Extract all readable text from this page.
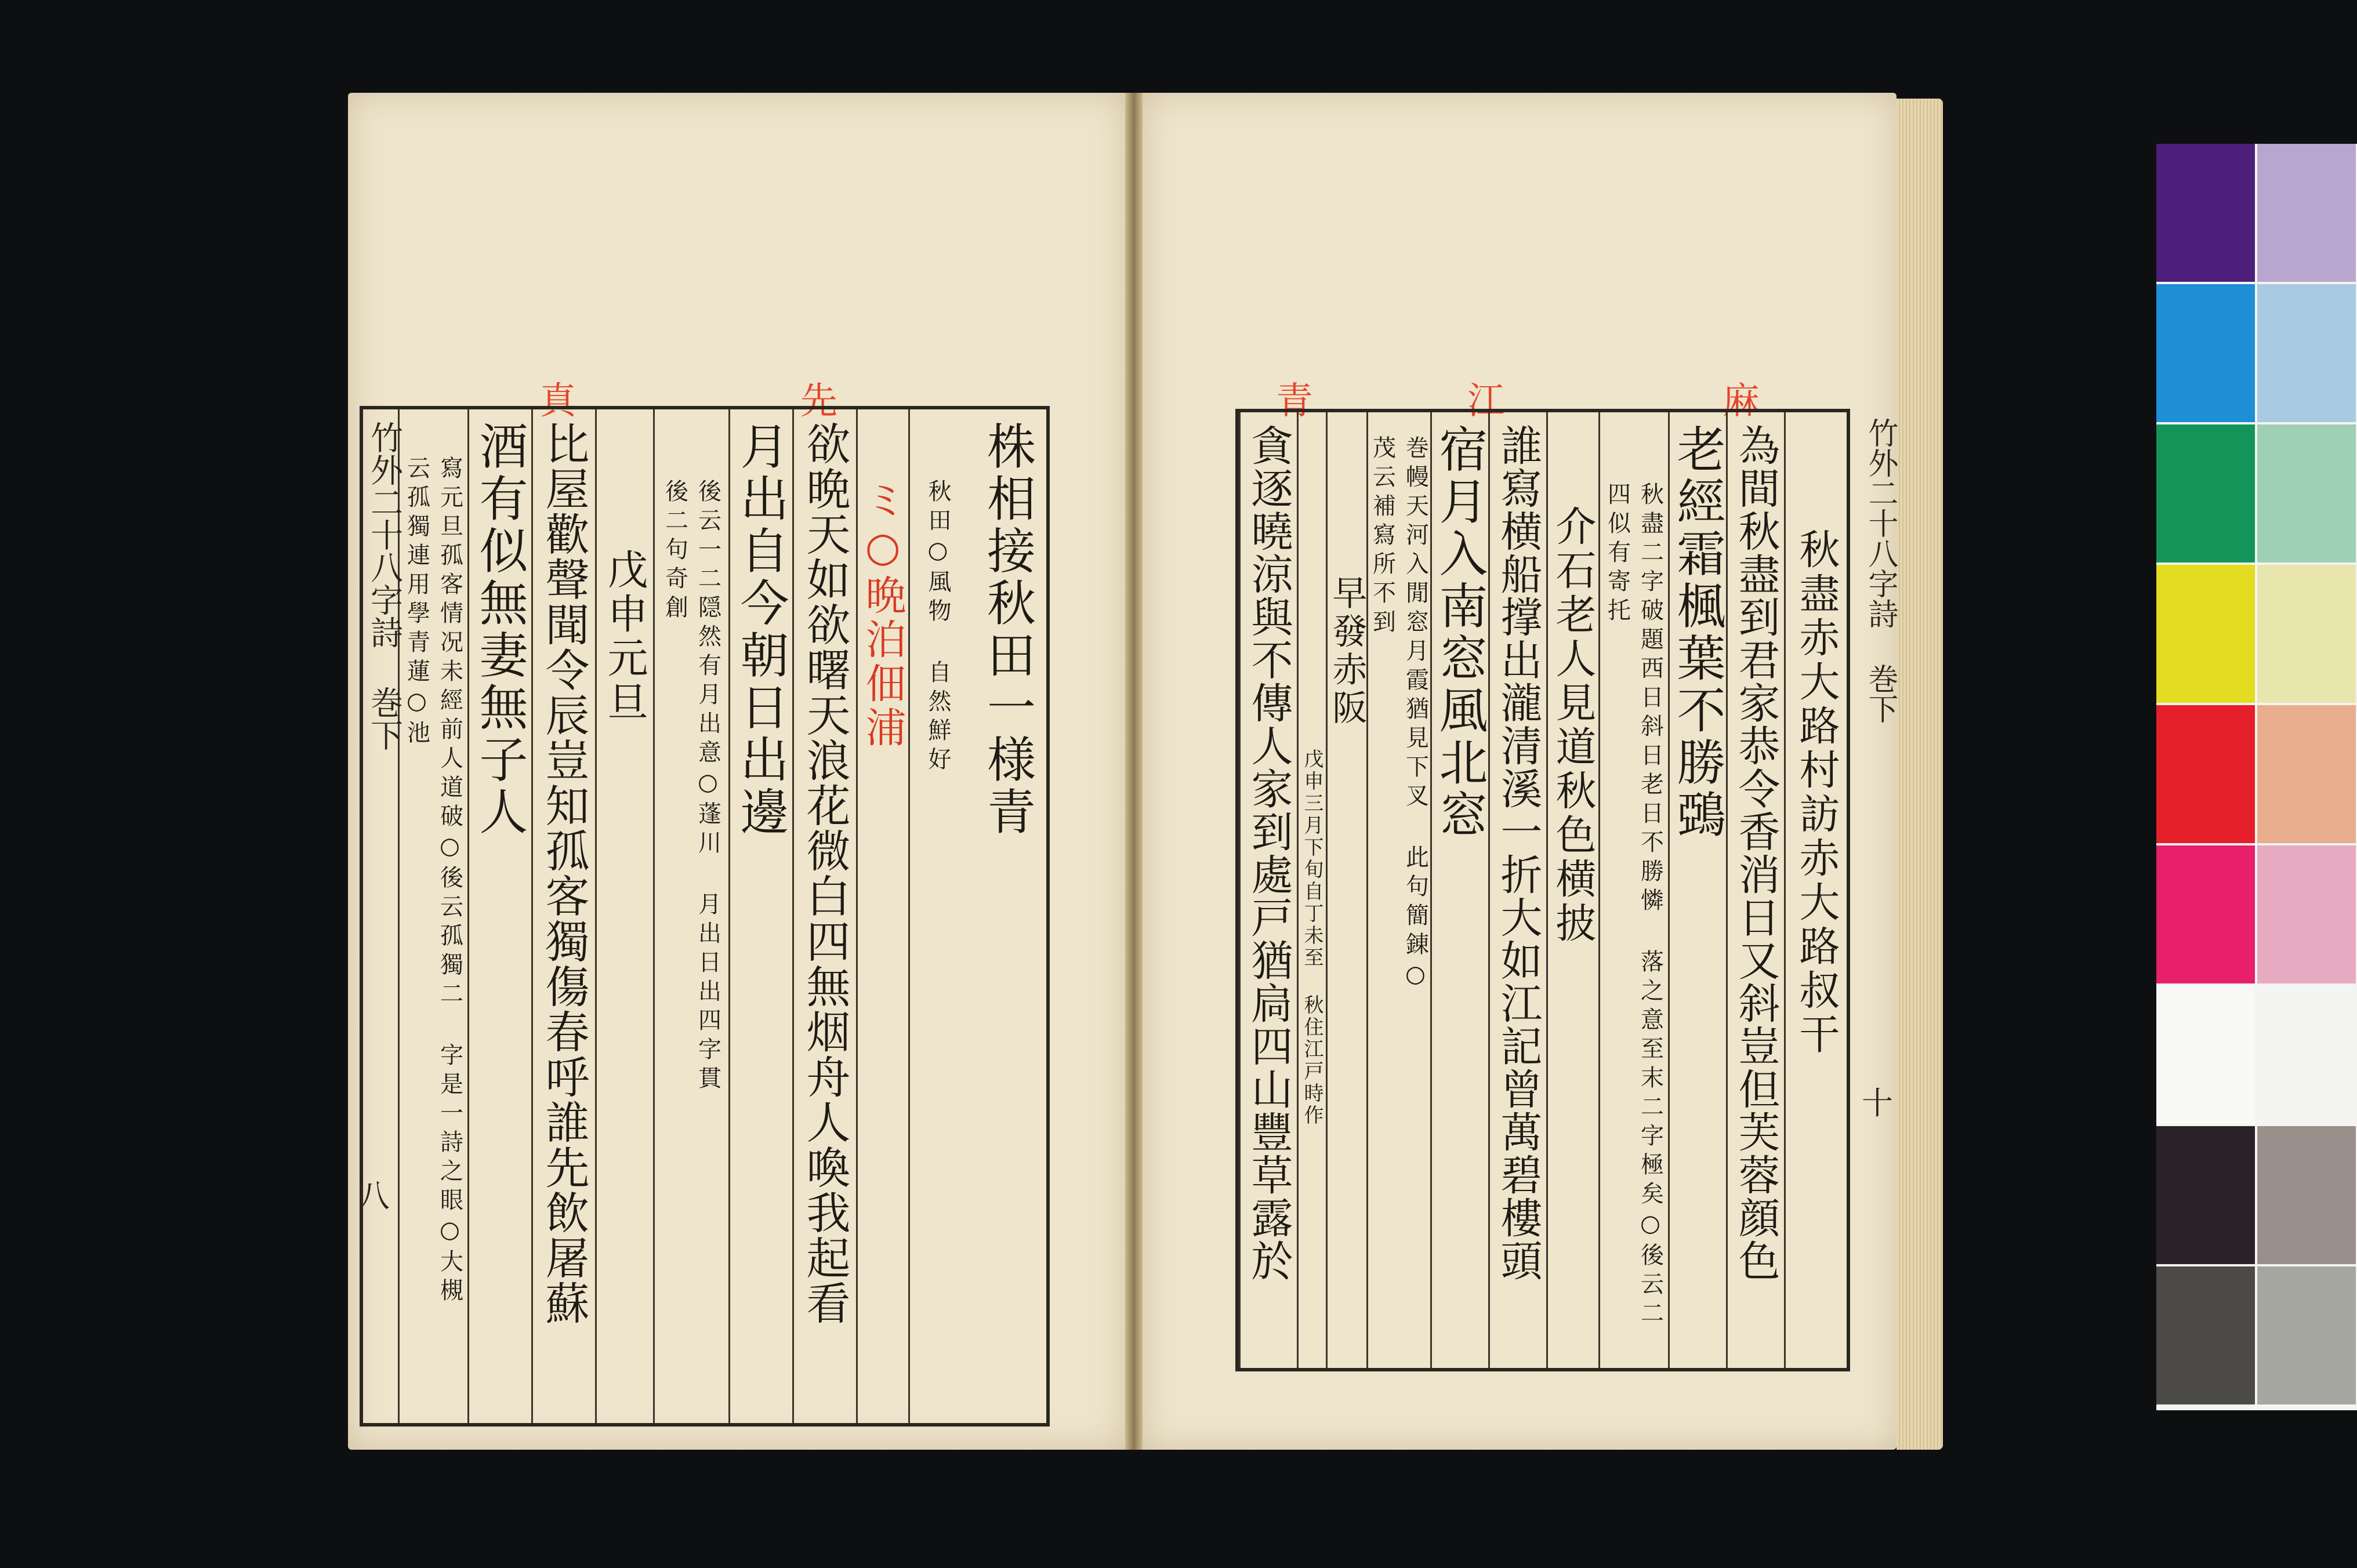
真	先
株相接秋田一様青
秋田○風物 自然鮮好
ミ○晩泊佃浦
欲晩天如欲曙天浪花微白四無烟舟人喚我起看
月出自今朝日出邊
後云一二隠然有月出意○蓬川 月出日出四字貫後二句奇創
戊申元旦
比屋歡聲聞令辰豈知孤客獨傷春呼誰先飲屠蘇
酒有似無妻無子人
寫元旦孤客情况未經前人道破○後云孤獨二 字是一詩之眼○大槻云孤獨連用學青蓮○池
竹外二十八字詩 巻下
八
青	江	麻
秋盡赤大路村訪赤大路叔干
為間秋盡到君家恭令香消日又斜豈但芙蓉顔色
老經霜楓葉不勝鵶
秋盡二字破題西日斜日老日不勝憐 落之意至末二字極矣○後云二四似有寄托
介石老人見道秋色横披
誰寫横船撑出瀧清溪一折大如江記曾萬碧樓頭
宿月入南窓風北窓
巻幔天河入閒窓月霞猶見下叉 此句簡錬○茂云補寫所不到
早發赤阪
戊申三月下旬自丁未至 秋住江戸時作
貪逐曉涼與不傳人家到處戸猶扃四山豐草露於	竹外二十八字詩 巻下
十
